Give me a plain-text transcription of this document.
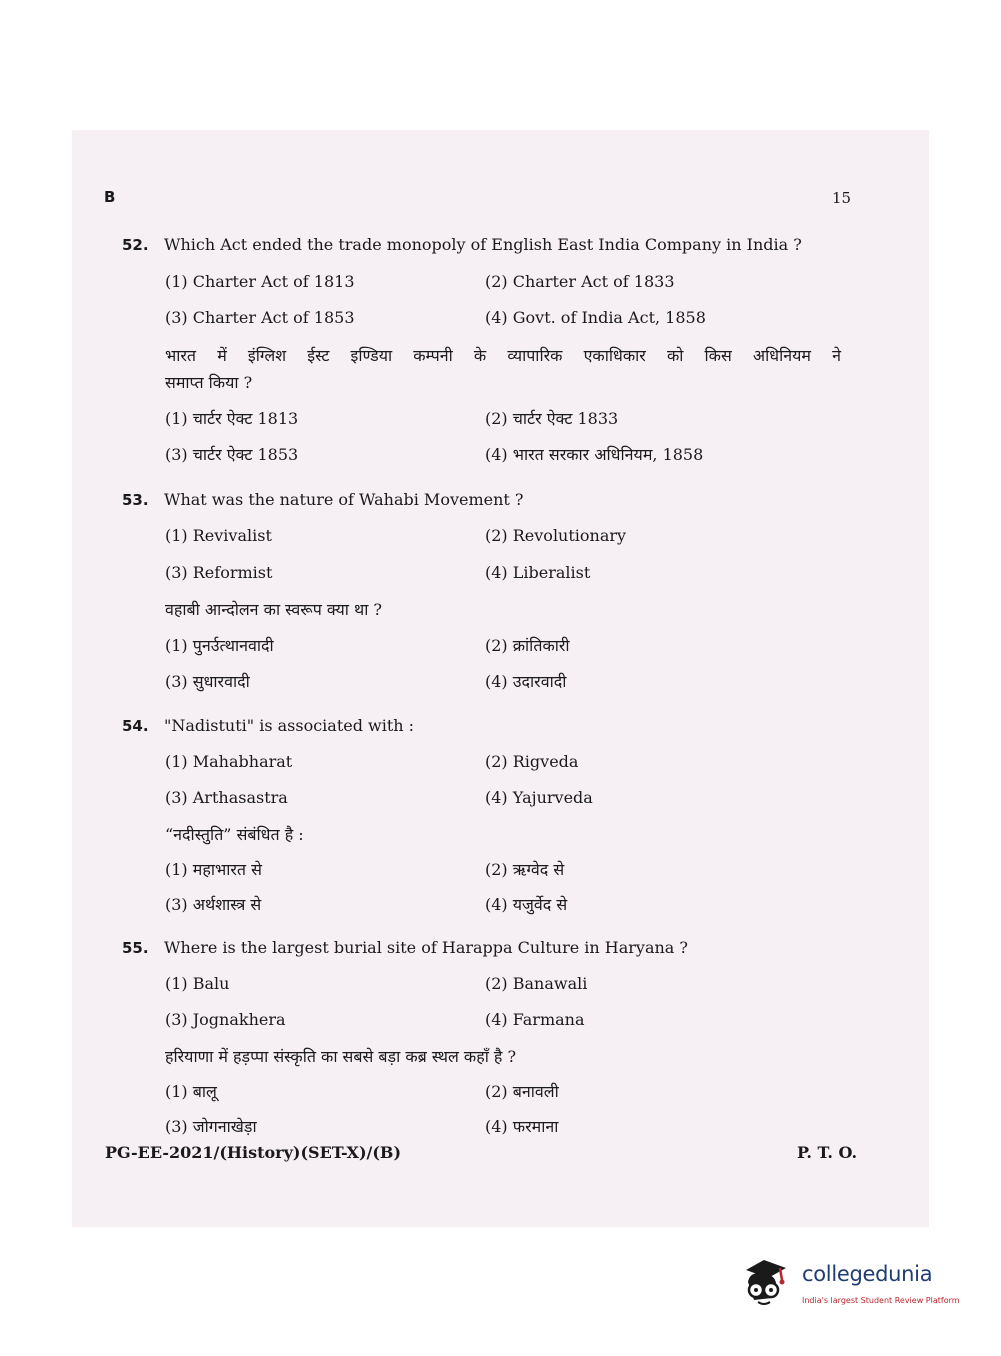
B	15
52. Which Act ended the trade monopoly of English East India Company in India ?
(1) Charter Act of 1813	(2) Charter Act of 1833
(3) Charter Act of 1853	(4) Govt. of India Act, 1858
भारत में इंग्लिश ईस्ट इण्डिया कम्पनी के व्यापारिक एकाधिकार को किस अधिनियम ने
समाप्त किया ?
(1) चार्टर ऐक्ट 1813	(2) चार्टर ऐक्ट 1833
(3) चार्टर ऐक्ट 1853	(4) भारत सरकार अधिनियम, 1858
53. What was the nature of Wahabi Movement ?
(1) Revivalist	(2) Revolutionary
(3) Reformist	(4) Liberalist
वहाबी आन्दोलन का स्वरूप क्या था ?
(1) पुनर्उत्थानवादी	(2) क्रांतिकारी
(3) सुधारवादी	(4) उदारवादी
54. "Nadistuti" is associated with :
(1) Mahabharat	(2) Rigveda
(3) Arthasastra	(4) Yajurveda
“नदीस्तुति” संबंधित है :
(1) महाभारत से	(2) ऋग्वेद से
(3) अर्थशास्त्र से	(4) यजुर्वेद से
55. Where is the largest burial site of Harappa Culture in Haryana ?
(1) Balu	(2) Banawali
(3) Jognakhera	(4) Farmana
हरियाणा में हड़प्पा संस्कृति का सबसे बड़ा कब्र स्थल कहाँ है ?
(1) बालू	(2) बनावली
(3) जोगनाखेड़ा	(4) फरमाना
PG-EE-2021/(History)(SET-X)/(B)	P. T. O.
collegedunia
India's largest Student Review Platform
